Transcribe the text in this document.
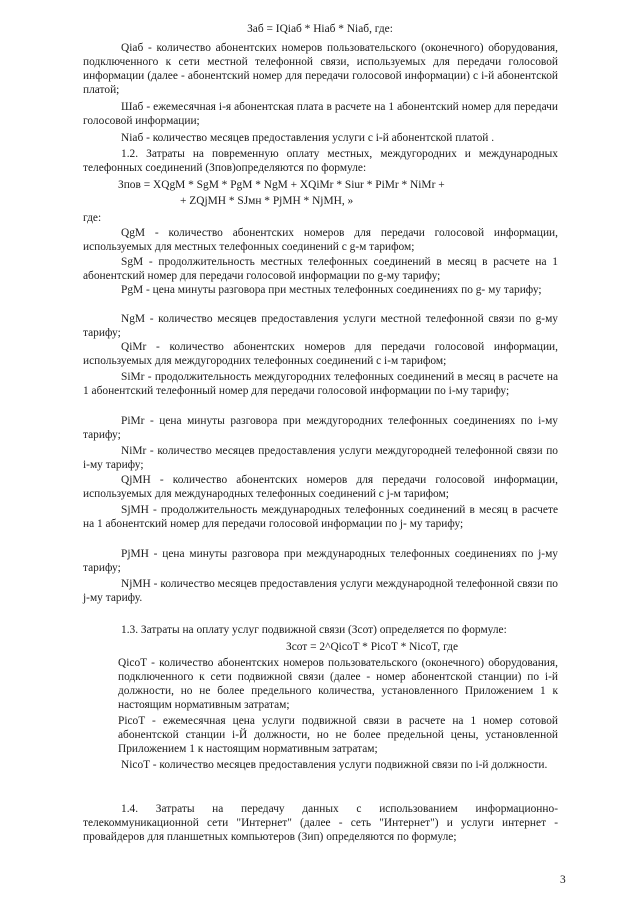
Заб = IQiаб * Hiаб * Niаб, где:

Qiаб - количество абонентских номеров пользовательского (оконечного) оборудования, подключенного к сети местной телефонной связи, используемых для передачи голосовой информации (далее - абонентский номер для передачи голосовой информации) с i-й абонентской платой;

Шаб - ежемесячная i-я абонентская плата в расчете на 1 абонентский номер для передачи голосовой информации;

Niаб - количество месяцев предоставления услуги с i-й абонентской платой .

1.2. Затраты на повременную оплату местных, междугородних и международных телефонных соединений (Зпов)определяются по формуле:

Зпов = XQgM * SgM * PgM * NgM + XQiMr * Siur * PiMr * NiMr +

+ ZQjMH * SJмн * PjMH * NjMH, »

где:

QgM - количество абонентских номеров для передачи голосовой информации, используемых для местных телефонных соединений с g-м тарифом;

SgM - продолжительность местных телефонных соединений в месяц в расчете на 1 абонентский номер для передачи голосовой информации по g-му тарифу;

PgM - цена минуты разговора при местных телефонных соединениях по g- му тарифу;

NgM - количество месяцев предоставления услуги местной телефонной связи по g-му тарифу;

QiMr - количество абонентских номеров для передачи голосовой информации, используемых для междугородних телефонных соединений с i-м тарифом;

SiMr - продолжительность междугородних телефонных соединений в месяц в расчете на 1 абонентский телефонный номер для передачи голосовой информации по i-му тарифу;

PiMr - цена минуты разговора при междугородних телефонных соединениях по i-му тарифу;

NiMr - количество месяцев предоставления услуги междугородней телефонной связи по i-му тарифу;

QjMH - количество абонентских номеров для передачи голосовой информации, используемых для международных телефонных соединений с j-м тарифом;

SjMH - продолжительность международных телефонных соединений в месяц в расчете на 1 абонентский номер для передачи голосовой информации по j- му тарифу;

PjMH - цена минуты разговора при международных телефонных соединениях по j-му тарифу;

NjMH - количество месяцев предоставления услуги международной телефонной связи по j-му тарифу.

1.3. Затраты на оплату услуг подвижной связи (Зсот) определяется по формуле:

Зсот = 2^QicoT * PicoT * NicoT, где

QicoT - количество абонентских номеров пользовательского (оконечного) оборудования, подключенного к сети подвижной связи (далее - номер абонентской станции) по i-й должности, но не более предельного количества, установленного Приложением 1 к настоящим нормативным затратам;

PicoT - ежемесячная цена услуги подвижной связи в расчете на 1 номер сотовой абонентской станции i-Й должности, но не более предельной цены, установленной Приложением 1 к настоящим нормативным затратам;

NicoT - количество месяцев предоставления услуги подвижной связи по i-й должности.

1.4. Затраты на передачу данных с использованием информационно-телекоммуникационной сети "Интернет" (далее - сеть "Интернет") и услуги интернет - провайдеров для планшетных компьютеров (Зип) определяются по формуле;

3
